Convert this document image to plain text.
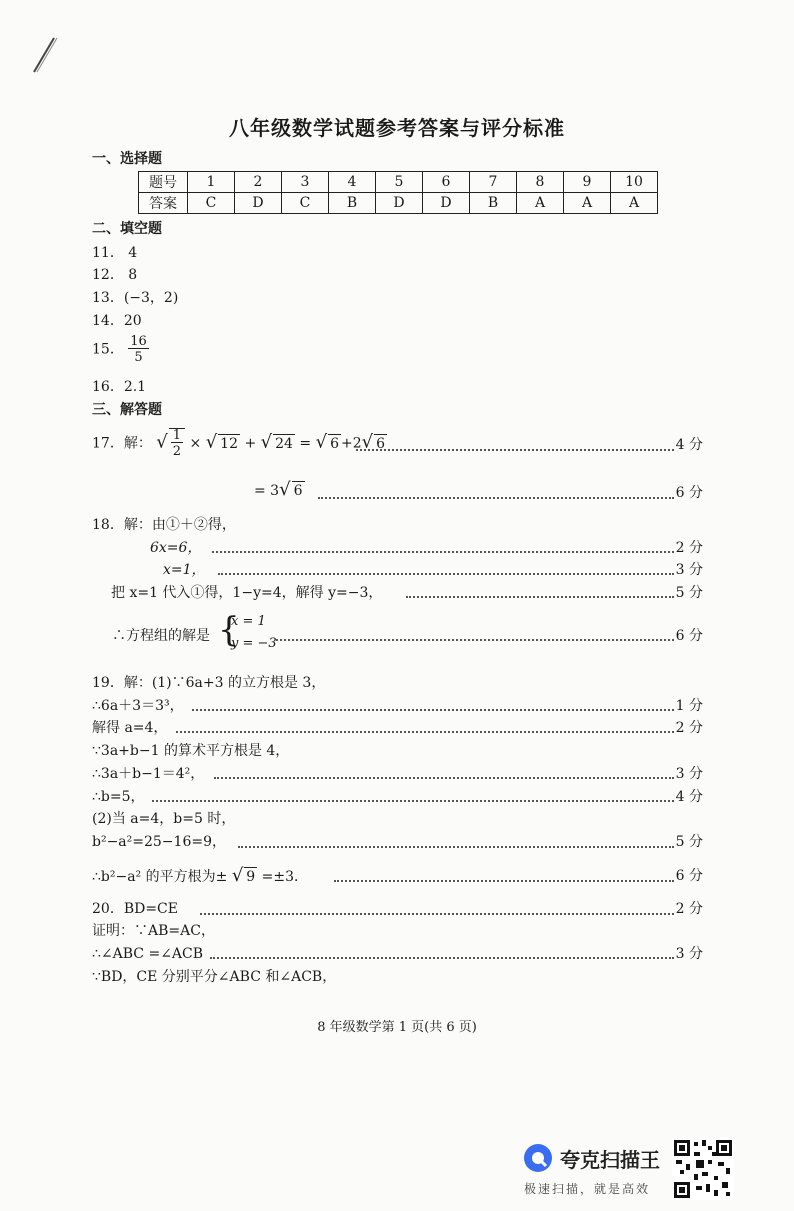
八年级数学试题参考答案与评分标准
一、选择题
题号	1	2	3	4	5	6	7	8	9	10
答案	C	D	C	B	D	D	B	A	A	A
二、填空题
11． 4
12． 8
13．(−3，2)
14．20
15． $\frac{16}{5}$
16．2.1
三、解答题
17．解： √ $\frac{1}{2}$ × √ 12 + √ 24 = √ 6 +2√ 6	4 分
= 3√ 6	6 分
18．解：由①＋②得，
6x=6，	2 分
x=1，	3 分
把 x=1 代入①得，1−y=4，解得 y=−3，	5 分
∴方程组的解是 {
x = 1
y = −3	6 分
19．解：(1)∵6a+3 的立方根是 3，
∴6a＋3＝3³，	1 分
解得 a=4，	2 分
∵3a+b−1 的算术平方根是 4，
∴3a＋b−1＝4²，	3 分
∴b=5，	4 分
(2)当 a=4，b=5 时，
b²−a²=25−16=9，	5 分
∴b²−a² 的平方根为± √ 9 =±3．	6 分
20．BD=CE	2 分
证明：∵AB=AC，
∴∠ABC =∠ACB	3 分
∵BD，CE 分别平分∠ABC 和∠ACB，
8 年级数学第 1 页(共 6 页)
夸克扫描王
极速扫描，就是高效
